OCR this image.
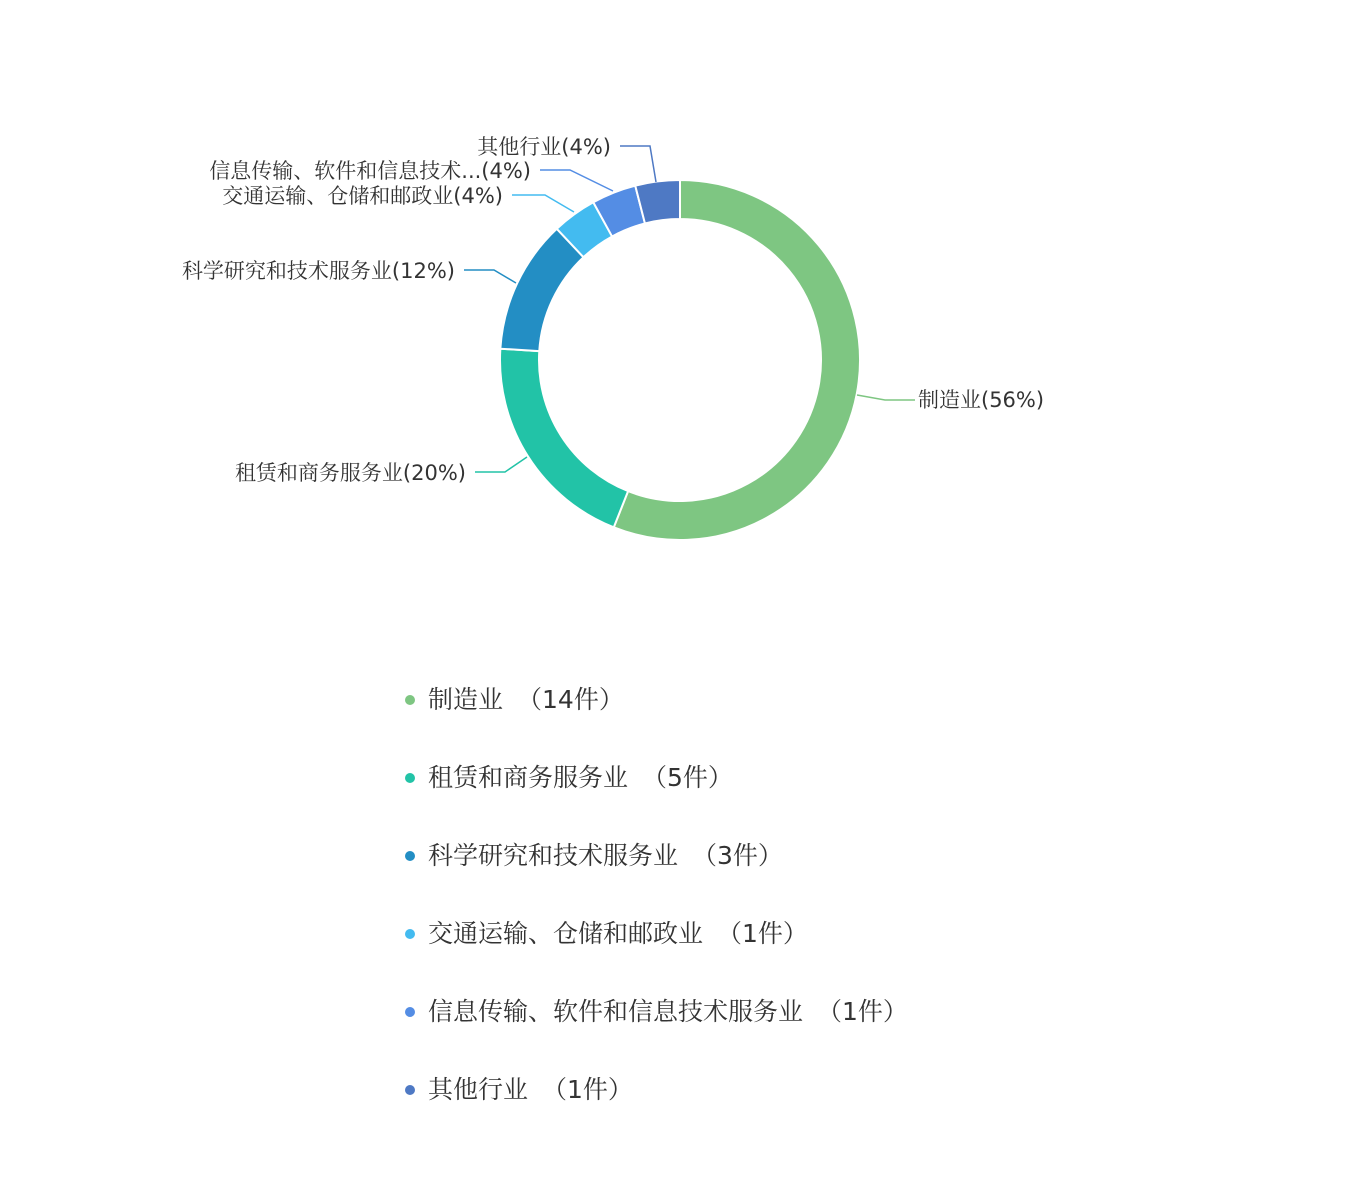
制造业(56%)
租赁和商务服务业(20%)
科学研究和技术服务业(12%)
交通运输、仓储和邮政业(4%)
信息传输、软件和信息技术...(4%)
其他行业(4%)
制造业 （14件）
租赁和商务服务业 （5件）
科学研究和技术服务业 （3件）
交通运输、仓储和邮政业 （1件）
信息传输、软件和信息技术服务业 （1件）
其他行业 （1件）
